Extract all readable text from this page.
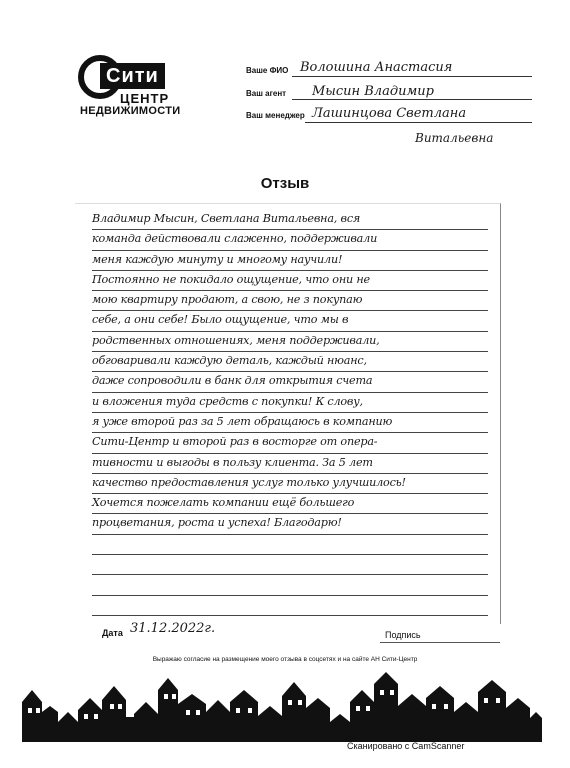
Сити
ЦЕНТР
НЕДВИЖИМОСТИ
Ваше ФИО Волошина Анастасия
Ваш агент Мысин Владимир
Ваш менеджер Лашинцова Светлана
Витальевна
Отзыв
Владимир Мысин, Светлана Витальевна, вся
команда действовали слаженно, поддерживали
меня каждую минуту и многому научили!
Постоянно не покидало ощущение, что они не
мою квартиру продают, а свою, не з покупаю
себе, а они себе! Было ощущение, что мы в
родственных отношениях, меня поддерживали,
обговаривали каждую деталь, каждый нюанс,
даже сопроводили в банк для открытия счета
и вложения туда средств с покупки! К слову,
я уже второй раз за 5 лет обращаюсь в компанию
Сити-Центр и второй раз в восторге от опера-
тивности и выгоды в пользу клиента. За 5 лет
качество предоставления услуг только улучшилось!
Хочется пожелать компании ещё большего
процветания, роста и успеха! Благодарю!
Дата 31.12.2022г.	Подпись
Выражаю согласие на размещение моего отзыва в соцсетях и на сайте АН Сити-Центр
Сканировано с CamScanner
